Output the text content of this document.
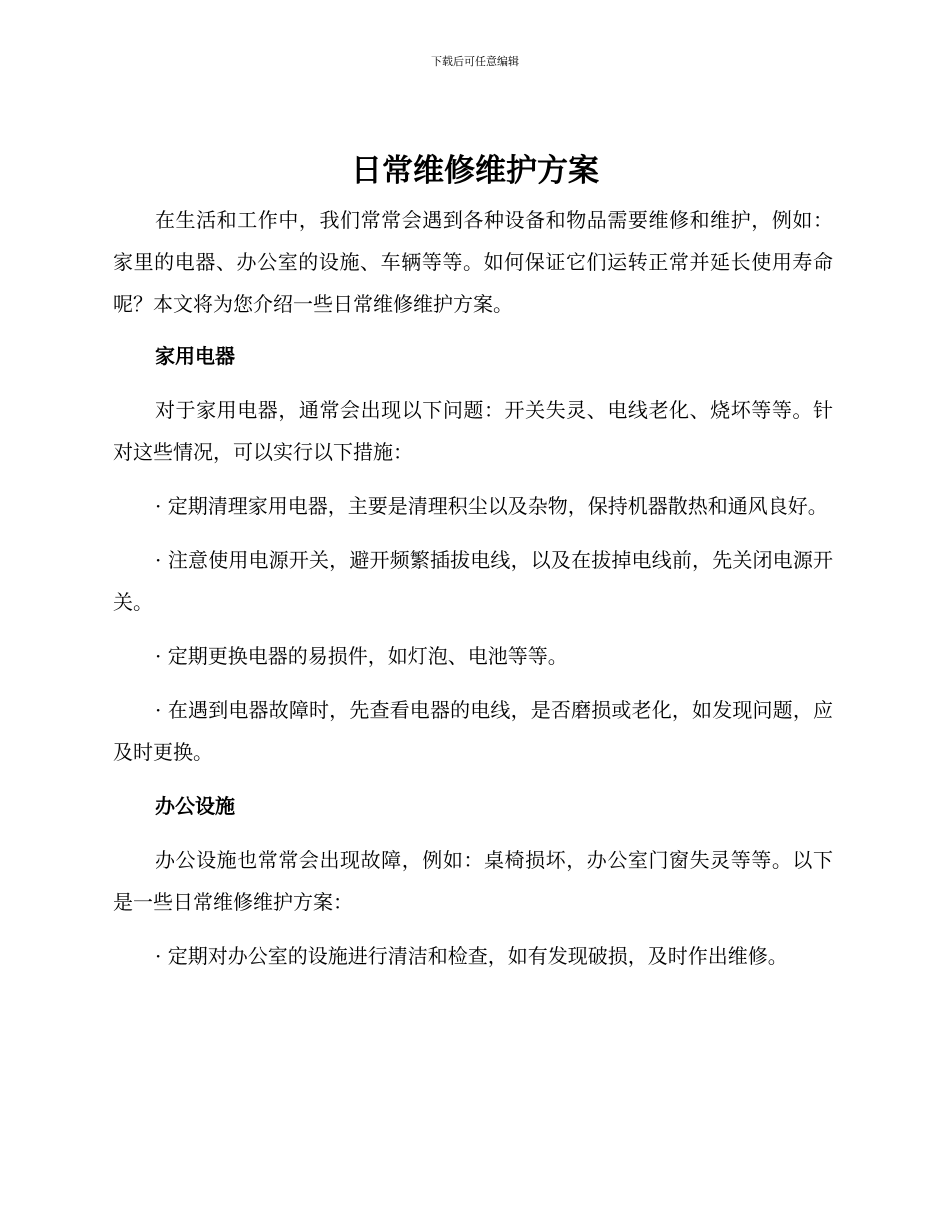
下载后可任意编辑
日常维修维护方案

在生活和工作中，我们常常会遇到各种设备和物品需要维修和维护，例如：家里的电器、办公室的设施、车辆等等。如何保证它们运转正常并延长使用寿命呢？本文将为您介绍一些日常维修维护方案。

家用电器

对于家用电器，通常会出现以下问题：开关失灵、电线老化、烧坏等等。针对这些情况，可以实行以下措施：

· 定期清理家用电器，主要是清理积尘以及杂物，保持机器散热和通风良好。

· 注意使用电源开关，避开频繁插拔电线，以及在拔掉电线前，先关闭电源开关。

· 定期更换电器的易损件，如灯泡、电池等等。

· 在遇到电器故障时，先查看电器的电线，是否磨损或老化，如发现问题，应及时更换。

办公设施

办公设施也常常会出现故障，例如：桌椅损坏，办公室门窗失灵等等。以下是一些日常维修维护方案：

· 定期对办公室的设施进行清洁和检查，如有发现破损，及时作出维修。
